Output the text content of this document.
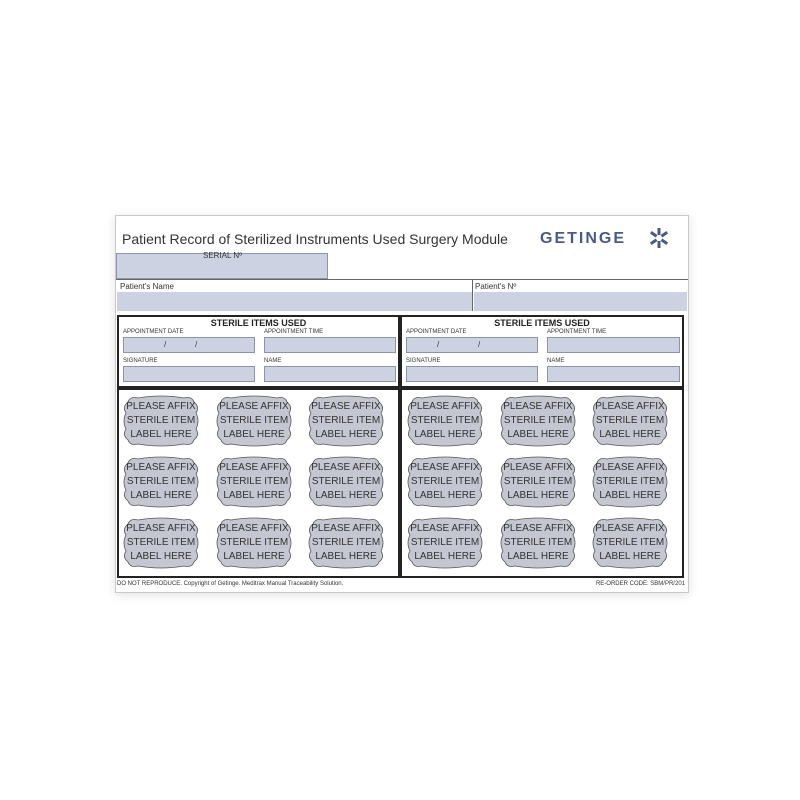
Patient Record of Sterilized Instruments Used Surgery Module GETINGE
SERIAL Nº
Patient's Name	Patient's Nº
STERILE ITEMS USED
APPOINTMENT DATE
/	/
APPOINTMENT TIME
SIGNATURE	NAME
STERILE ITEMS USED
APPOINTMENT DATE
/	/
APPOINTMENT TIME
SIGNATURE	NAME
PLEASE AFFIX
STERILE ITEM
LABEL HERE
PLEASE AFFIX
STERILE ITEM
LABEL HERE
PLEASE AFFIX
STERILE ITEM
LABEL HERE
PLEASE AFFIX
STERILE ITEM
LABEL HERE
PLEASE AFFIX
STERILE ITEM
LABEL HERE
PLEASE AFFIX
STERILE ITEM
LABEL HERE
PLEASE AFFIX
STERILE ITEM
LABEL HERE
PLEASE AFFIX
STERILE ITEM
LABEL HERE
PLEASE AFFIX
STERILE ITEM
LABEL HERE
PLEASE AFFIX
STERILE ITEM
LABEL HERE
PLEASE AFFIX
STERILE ITEM
LABEL HERE
PLEASE AFFIX
STERILE ITEM
LABEL HERE
PLEASE AFFIX
STERILE ITEM
LABEL HERE
PLEASE AFFIX
STERILE ITEM
LABEL HERE
PLEASE AFFIX
STERILE ITEM
LABEL HERE
PLEASE AFFIX
STERILE ITEM
LABEL HERE
PLEASE AFFIX
STERILE ITEM
LABEL HERE
PLEASE AFFIX
STERILE ITEM
LABEL HERE
DO NOT REPRODUCE. Copyright of Getinge. Meditrax Manual Traceability Solution.	RE-ORDER CODE: SBM/PR/201
